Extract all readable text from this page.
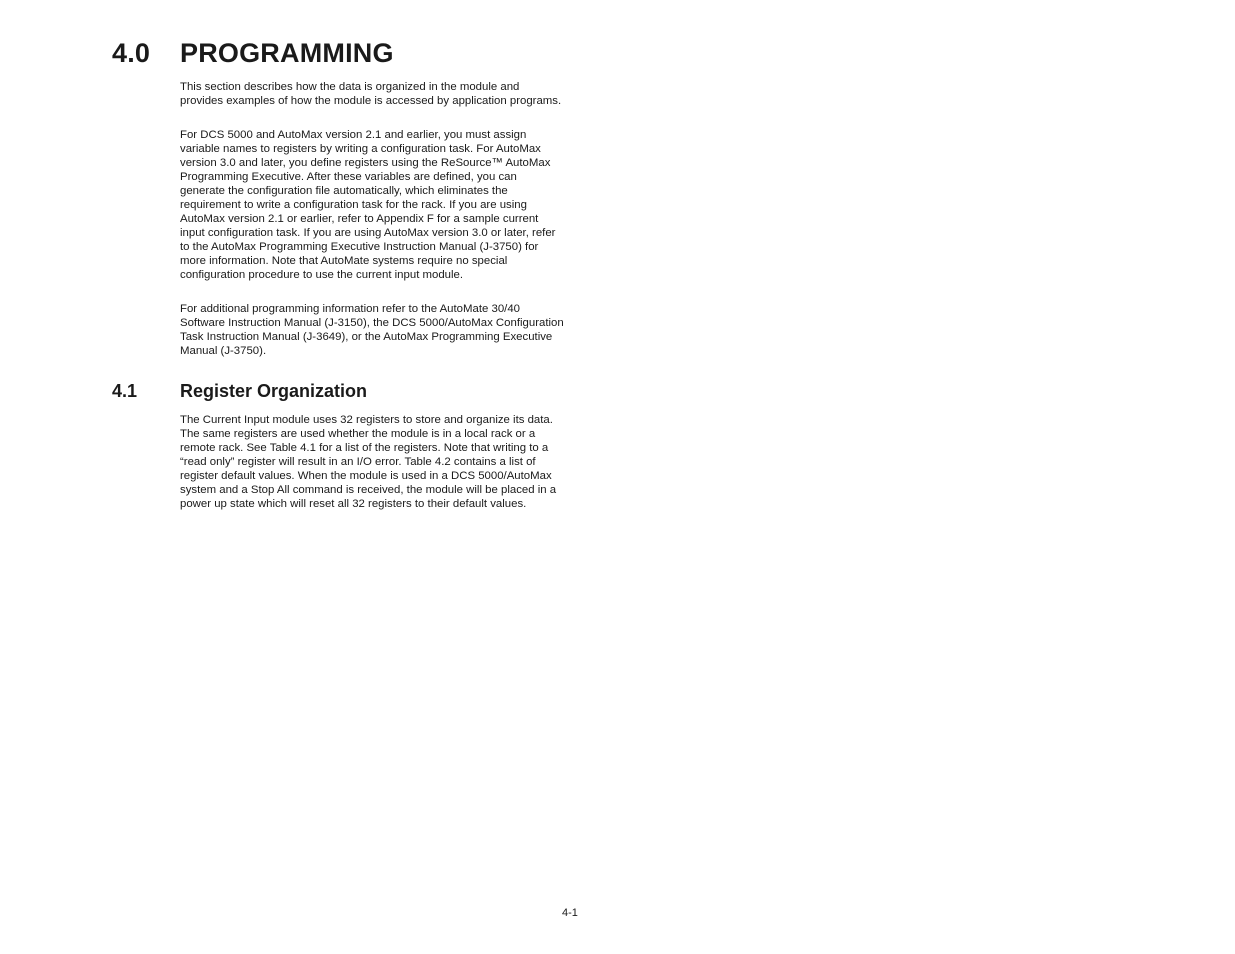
4.0 PROGRAMMING

This section describes how the data is organized in the module and provides examples of how the module is accessed by application programs.

For DCS 5000 and AutoMax version 2.1 and earlier, you must assign variable names to registers by writing a configuration task. For AutoMax version 3.0 and later, you define registers using the ReSource™ AutoMax Programming Executive. After these variables are defined, you can generate the configuration file automatically, which eliminates the requirement to write a configuration task for the rack. If you are using AutoMax version 2.1 or earlier, refer to Appendix F for a sample current input configuration task. If you are using AutoMax version 3.0 or later, refer to the AutoMax Programming Executive Instruction Manual (J-3750) for more information. Note that AutoMate systems require no special configuration procedure to use the current input module.

For additional programming information refer to the AutoMate 30/40 Software Instruction Manual (J-3150), the DCS 5000/AutoMax Configuration Task Instruction Manual (J-3649), or the AutoMax Programming Executive Manual (J-3750).

4.1 Register Organization

The Current Input module uses 32 registers to store and organize its data. The same registers are used whether the module is in a local rack or a remote rack. See Table 4.1 for a list of the registers. Note that writing to a “read only” register will result in an I/O error. Table 4.2 contains a list of register default values. When the module is used in a DCS 5000/AutoMax system and a Stop All command is received, the module will be placed in a power up state which will reset all 32 registers to their default values.

4-1
